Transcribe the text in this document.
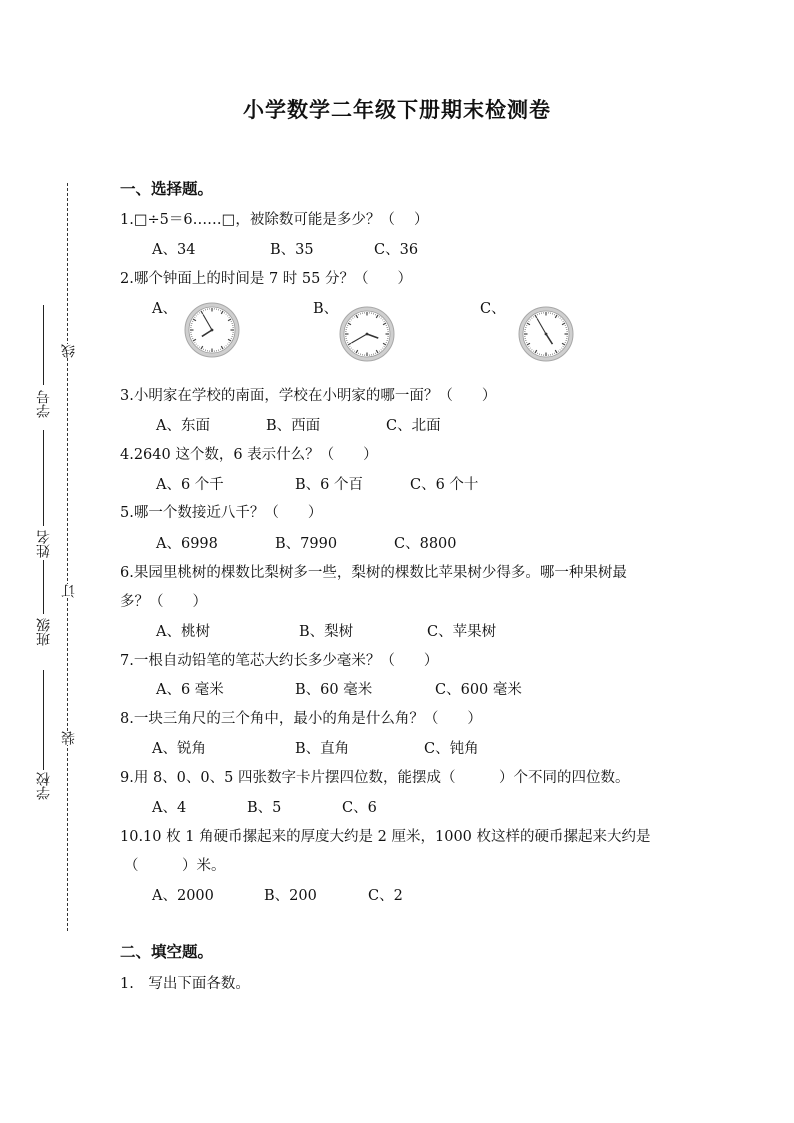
小学数学二年级下册期末检测卷
学号
姓名
班级
学校
线
订
装
一、选择题。
1.□÷5＝6……□，被除数可能是多少？（　 ）
A、34	B、35	C、36
2.哪个钟面上的时间是 7 时 55 分？（　　）
A、	B、	C、
3.小明家在学校的南面，学校在小明家的哪一面？（　　）
A、东面	B、西面	C、北面
4.2640 这个数，6 表示什么？（　　）
A、6 个千	B、6 个百	C、6 个十
5.哪一个数接近八千？（　　）
A、6998	B、7990	C、8800
6.果园里桃树的棵数比梨树多一些，梨树的棵数比苹果树少得多。哪一种果树最
多？（　　）
A、桃树	B、梨树	C、苹果树
7.一根自动铅笔的笔芯大约长多少毫米？（　　）
A、6 毫米	B、60 毫米	C、600 毫米
8.一块三角尺的三个角中，最小的角是什么角？（　　）
A、锐角	B、直角	C、钝角
9.用 8、0、0、5 四张数字卡片摆四位数，能摆成（　　　）个不同的四位数。
A、4	B、5	C、6
10.10 枚 1 角硬币摞起来的厚度大约是 2 厘米，1000 枚这样的硬币摞起来大约是
（　　　）米。
A、2000	B、200	C、2
二、填空题。
1.　写出下面各数。
